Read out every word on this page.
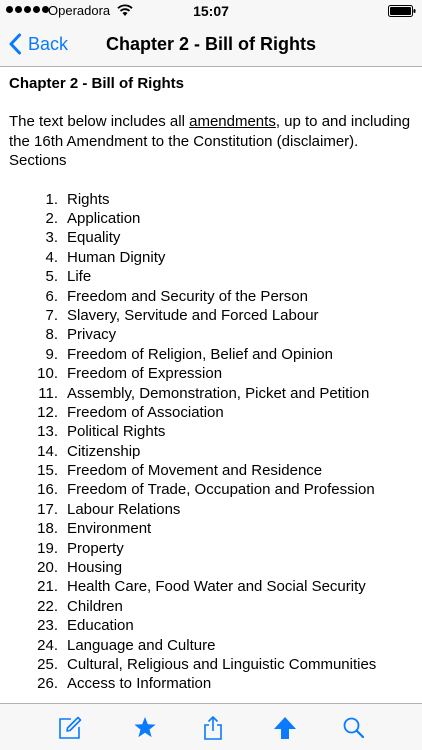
Operadora	15:07
Back	Chapter 2 - Bill of Rights
Chapter 2 - Bill of Rights

The text below includes all amendments, up to and including the 16th Amendment to the Constitution (disclaimer).

Sections

1. Rights
2. Application
3. Equality
4. Human Dignity
5. Life
6. Freedom and Security of the Person
7. Slavery, Servitude and Forced Labour
8. Privacy
9. Freedom of Religion, Belief and Opinion
10. Freedom of Expression
11. Assembly, Demonstration, Picket and Petition
12. Freedom of Association
13. Political Rights
14. Citizenship
15. Freedom of Movement and Residence
16. Freedom of Trade, Occupation and Profession
17. Labour Relations
18. Environment
19. Property
20. Housing
21. Health Care, Food Water and Social Security
22. Children
23. Education
24. Language and Culture
25. Cultural, Religious and Linguistic Communities
26. Access to Information
